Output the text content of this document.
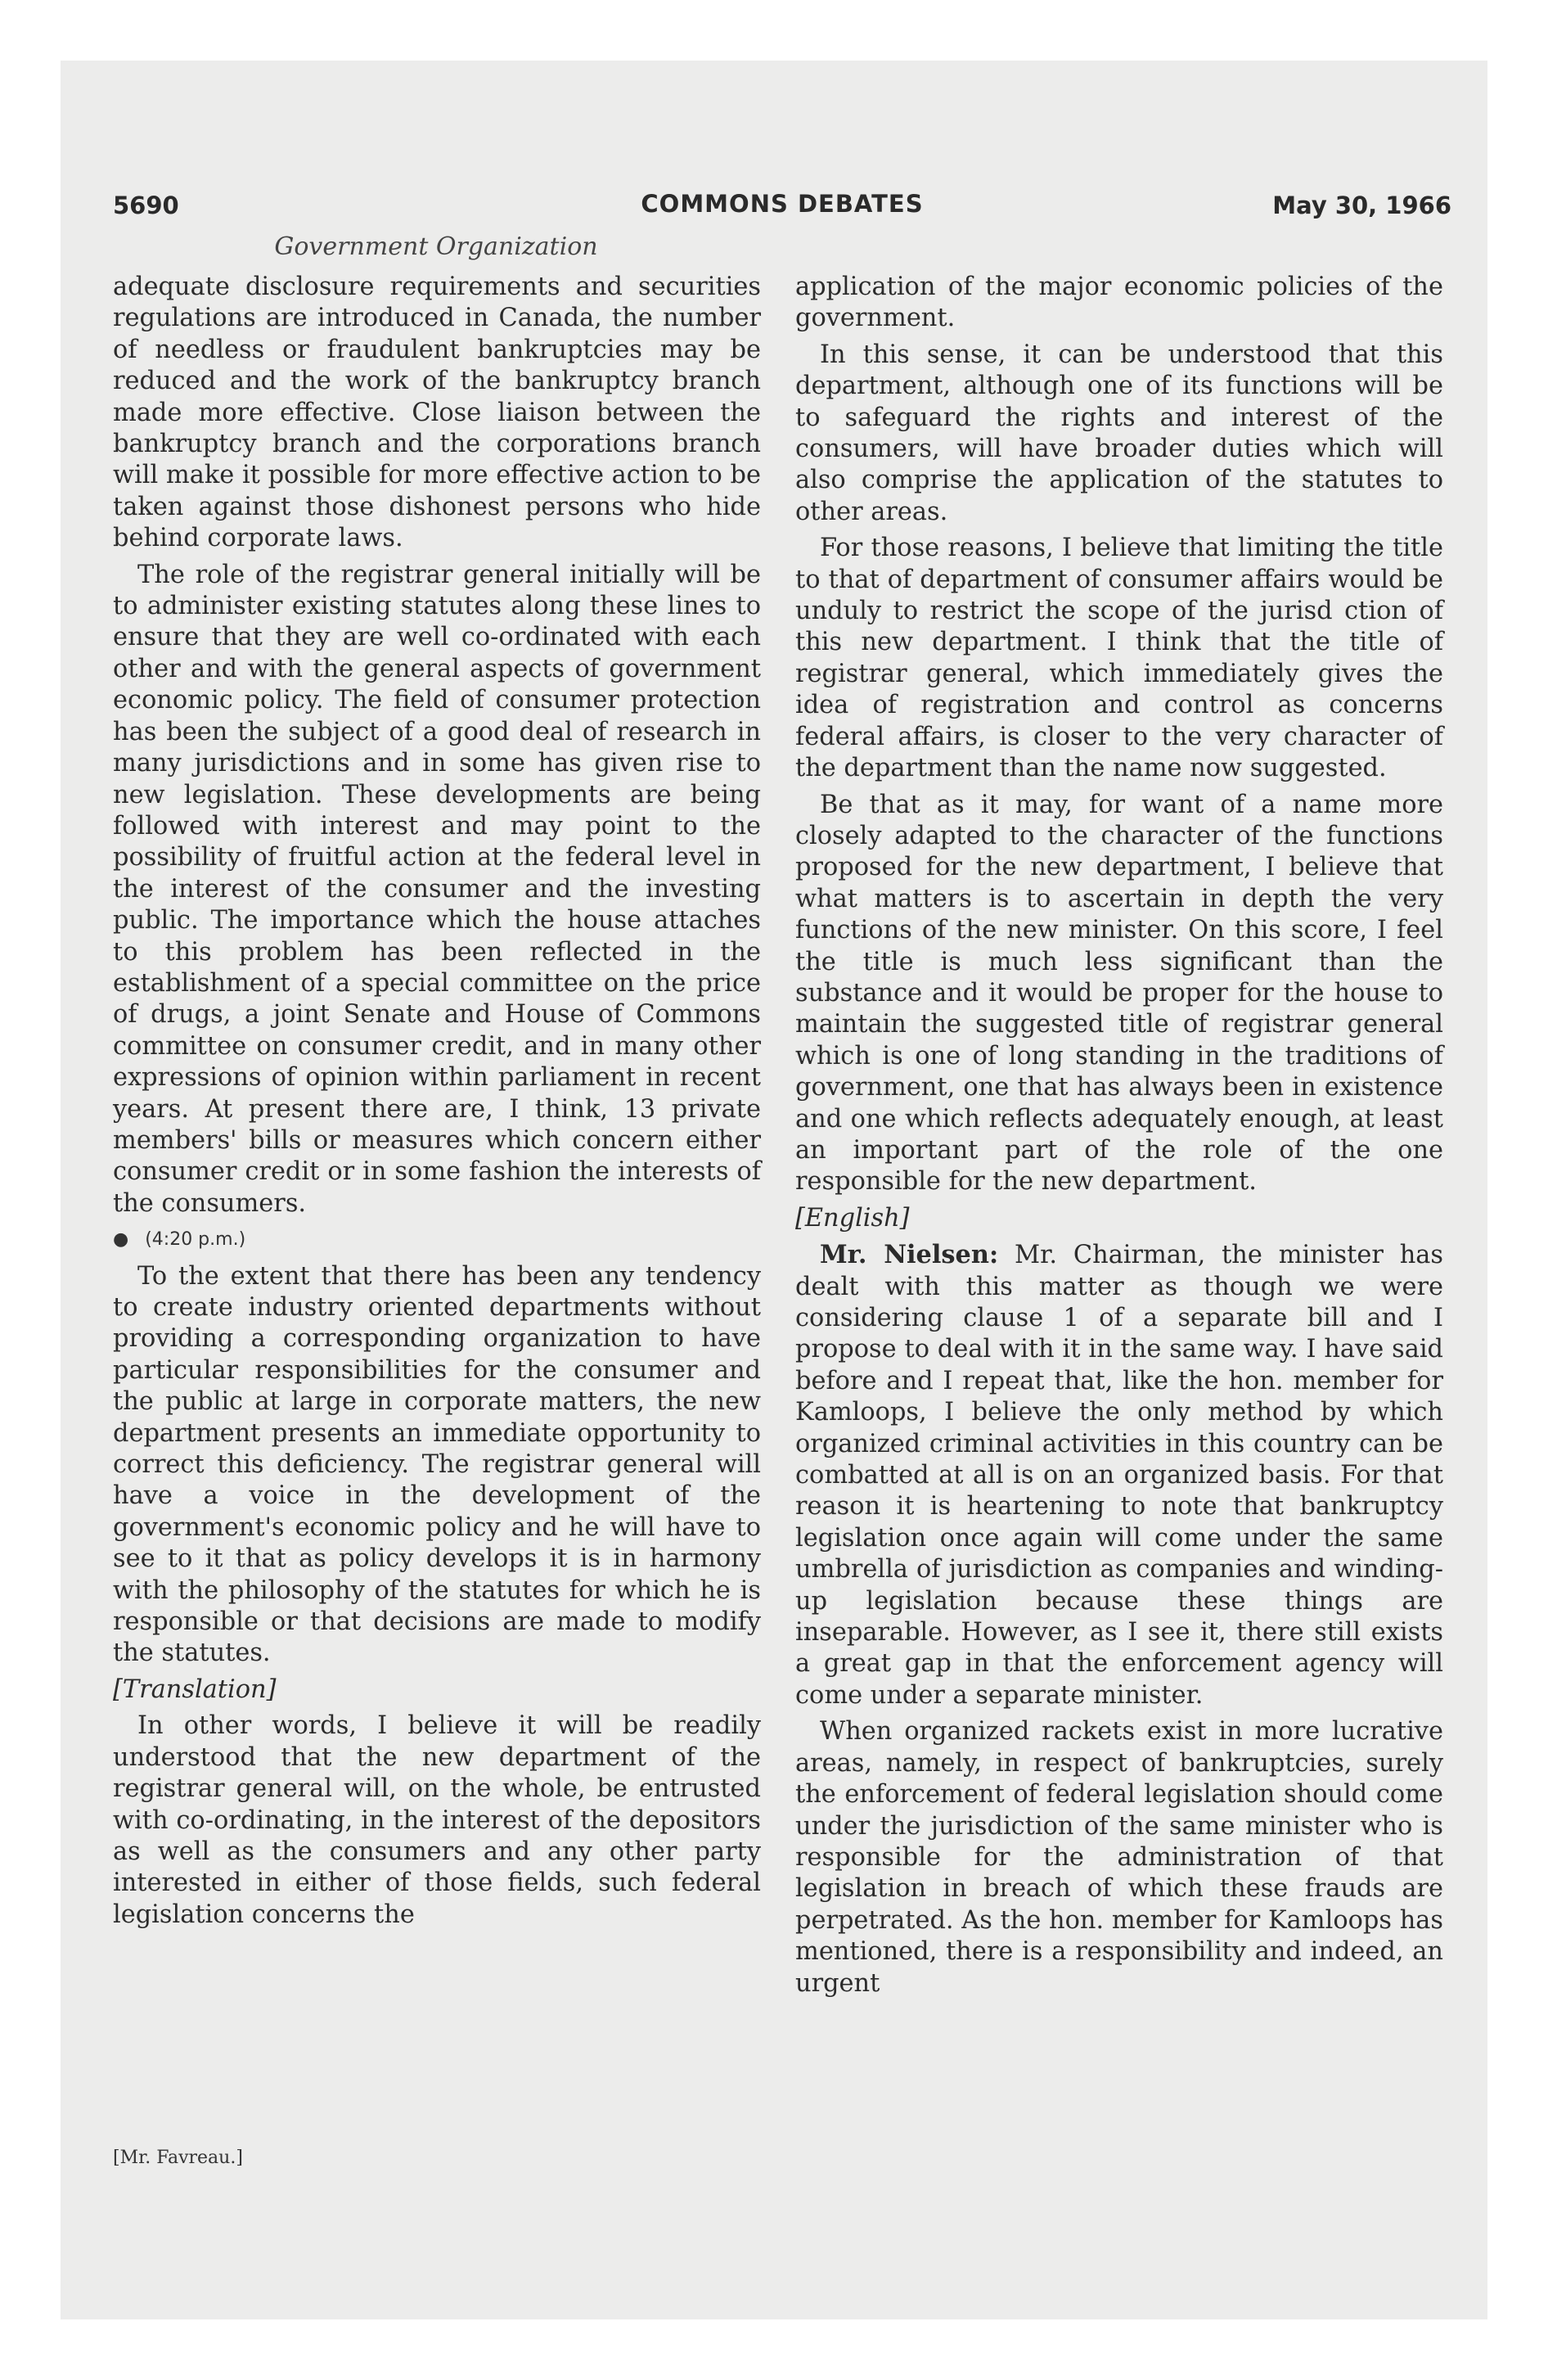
5690	COMMONS DEBATES	May 30, 1966
Government Organization

adequate disclosure requirements and securities regulations are introduced in Canada, the number of needless or fraudulent bankruptcies may be reduced and the work of the bankruptcy branch made more effective. Close liaison between the bankruptcy branch and the corporations branch will make it possible for more effective action to be taken against those dishonest persons who hide behind corporate laws.

The role of the registrar general initially will be to administer existing statutes along these lines to ensure that they are well co-ordinated with each other and with the general aspects of government economic policy. The field of consumer protection has been the subject of a good deal of research in many jurisdictions and in some has given rise to new legislation. These developments are being followed with interest and may point to the possibility of fruitful action at the federal level in the interest of the consumer and the investing public. The importance which the house attaches to this problem has been reflected in the establishment of a special committee on the price of drugs, a joint Senate and House of Commons committee on consumer credit, and in many other expressions of opinion within parliament in recent years. At present there are, I think, 13 private members' bills or measures which concern either consumer credit or in some fashion the interests of the consumers.

● (4:20 p.m.)

To the extent that there has been any tendency to create industry oriented departments without providing a corresponding organization to have particular responsibilities for the consumer and the public at large in corporate matters, the new department presents an immediate opportunity to correct this deficiency. The registrar general will have a voice in the development of the government's economic policy and he will have to see to it that as policy develops it is in harmony with the philosophy of the statutes for which he is responsible or that decisions are made to modify the statutes.

[Translation]

In other words, I believe it will be readily understood that the new department of the registrar general will, on the whole, be entrusted with co-ordinating, in the interest of the depositors as well as the consumers and any other party interested in either of those fields, such federal legislation concerns the

application of the major economic policies of the government.

In this sense, it can be understood that this department, although one of its functions will be to safeguard the rights and interest of the consumers, will have broader duties which will also comprise the application of the statutes to other areas.

For those reasons, I believe that limiting the title to that of department of consumer affairs would be unduly to restrict the scope of the jurisd ction of this new department. I think that the title of registrar general, which immediately gives the idea of registration and control as concerns federal affairs, is closer to the very character of the department than the name now suggested.

Be that as it may, for want of a name more closely adapted to the character of the functions proposed for the new department, I believe that what matters is to ascertain in depth the very functions of the new minister. On this score, I feel the title is much less significant than the substance and it would be proper for the house to maintain the suggested title of registrar general which is one of long standing in the traditions of government, one that has always been in existence and one which reflects adequately enough, at least an important part of the role of the one responsible for the new department.

[English]

Mr. Nielsen: Mr. Chairman, the minister has dealt with this matter as though we were considering clause 1 of a separate bill and I propose to deal with it in the same way. I have said before and I repeat that, like the hon. member for Kamloops, I believe the only method by which organized criminal activities in this country can be combatted at all is on an organized basis. For that reason it is heartening to note that bankruptcy legislation once again will come under the same umbrella of jurisdiction as companies and winding-up legislation because these things are inseparable. However, as I see it, there still exists a great gap in that the enforcement agency will come under a separate minister.

When organized rackets exist in more lucrative areas, namely, in respect of bankruptcies, surely the enforcement of federal legislation should come under the jurisdiction of the same minister who is responsible for the administration of that legislation in breach of which these frauds are perpetrated. As the hon. member for Kamloops has mentioned, there is a responsibility and indeed, an urgent

[Mr. Favreau.]
